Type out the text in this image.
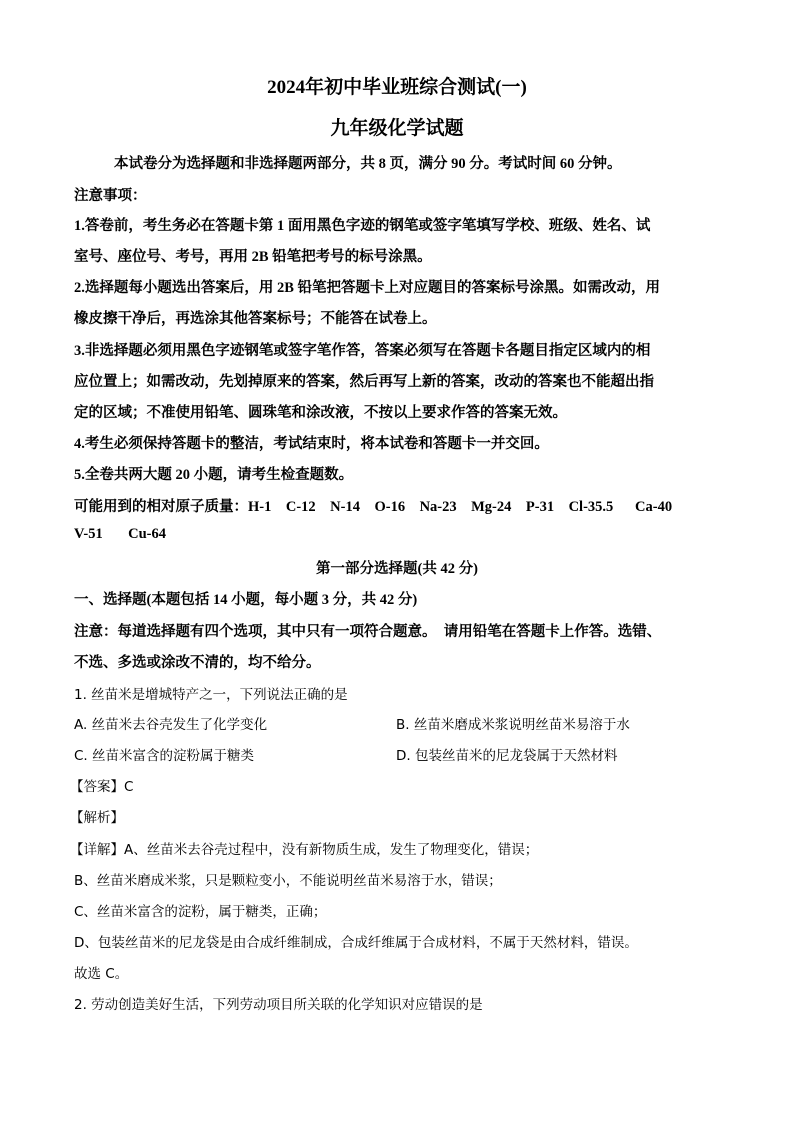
2024年初中毕业班综合测试(一)
九年级化学试题
本试卷分为选择题和非选择题两部分，共 8 页，满分 90 分。考试时间 60 分钟。
注意事项：
1.答卷前，考生务必在答题卡第 1 面用黑色字迹的钢笔或签字笔填写学校、班级、姓名、试
室号、座位号、考号，再用 2B 铅笔把考号的标号涂黑。
2.选择题每小题选出答案后，用 2B 铅笔把答题卡上对应题目的答案标号涂黑。如需改动，用
橡皮擦干净后，再选涂其他答案标号；不能答在试卷上。
3.非选择题必须用黑色字迹钢笔或签字笔作答，答案必须写在答题卡各题目指定区域内的相
应位置上；如需改动，先划掉原来的答案，然后再写上新的答案，改动的答案也不能超出指
定的区域；不准使用铅笔、圆珠笔和涂改液，不按以上要求作答的答案无效。
4.考生必须保持答题卡的整洁，考试结束时，将本试卷和答题卡一并交回。
5.全卷共两大题 20 小题，请考生检查题数。
可能用到的相对原子质量：H-1    C-12    N-14    O-16    Na-23    Mg-24    P-31    Cl-35.5      Ca-40
V-51       Cu-64
第一部分选择题(共 42 分)
一、选择题(本题包括 14 小题，每小题 3 分，共 42 分)
注意：每道选择题有四个选项，其中只有一项符合题意。  请用铅笔在答题卡上作答。选错、
不选、多选或涂改不清的，均不给分。
1. 丝苗米是增城特产之一，下列说法正确的是
A. 丝苗米去谷壳发生了化学变化	B. 丝苗米磨成米浆说明丝苗米易溶于水
C. 丝苗米富含的淀粉属于糖类	D. 包装丝苗米的尼龙袋属于天然材料
【答案】C
【解析】
【详解】A、丝苗米去谷壳过程中，没有新物质生成，发生了物理变化，错误；
B、丝苗米磨成米浆，只是颗粒变小，不能说明丝苗米易溶于水，错误；
C、丝苗米富含的淀粉，属于糖类，正确；
D、包装丝苗米的尼龙袋是由合成纤维制成，合成纤维属于合成材料，不属于天然材料，错误。
故选 C。
2. 劳动创造美好生活，下列劳动项目所关联的化学知识对应错误的是
